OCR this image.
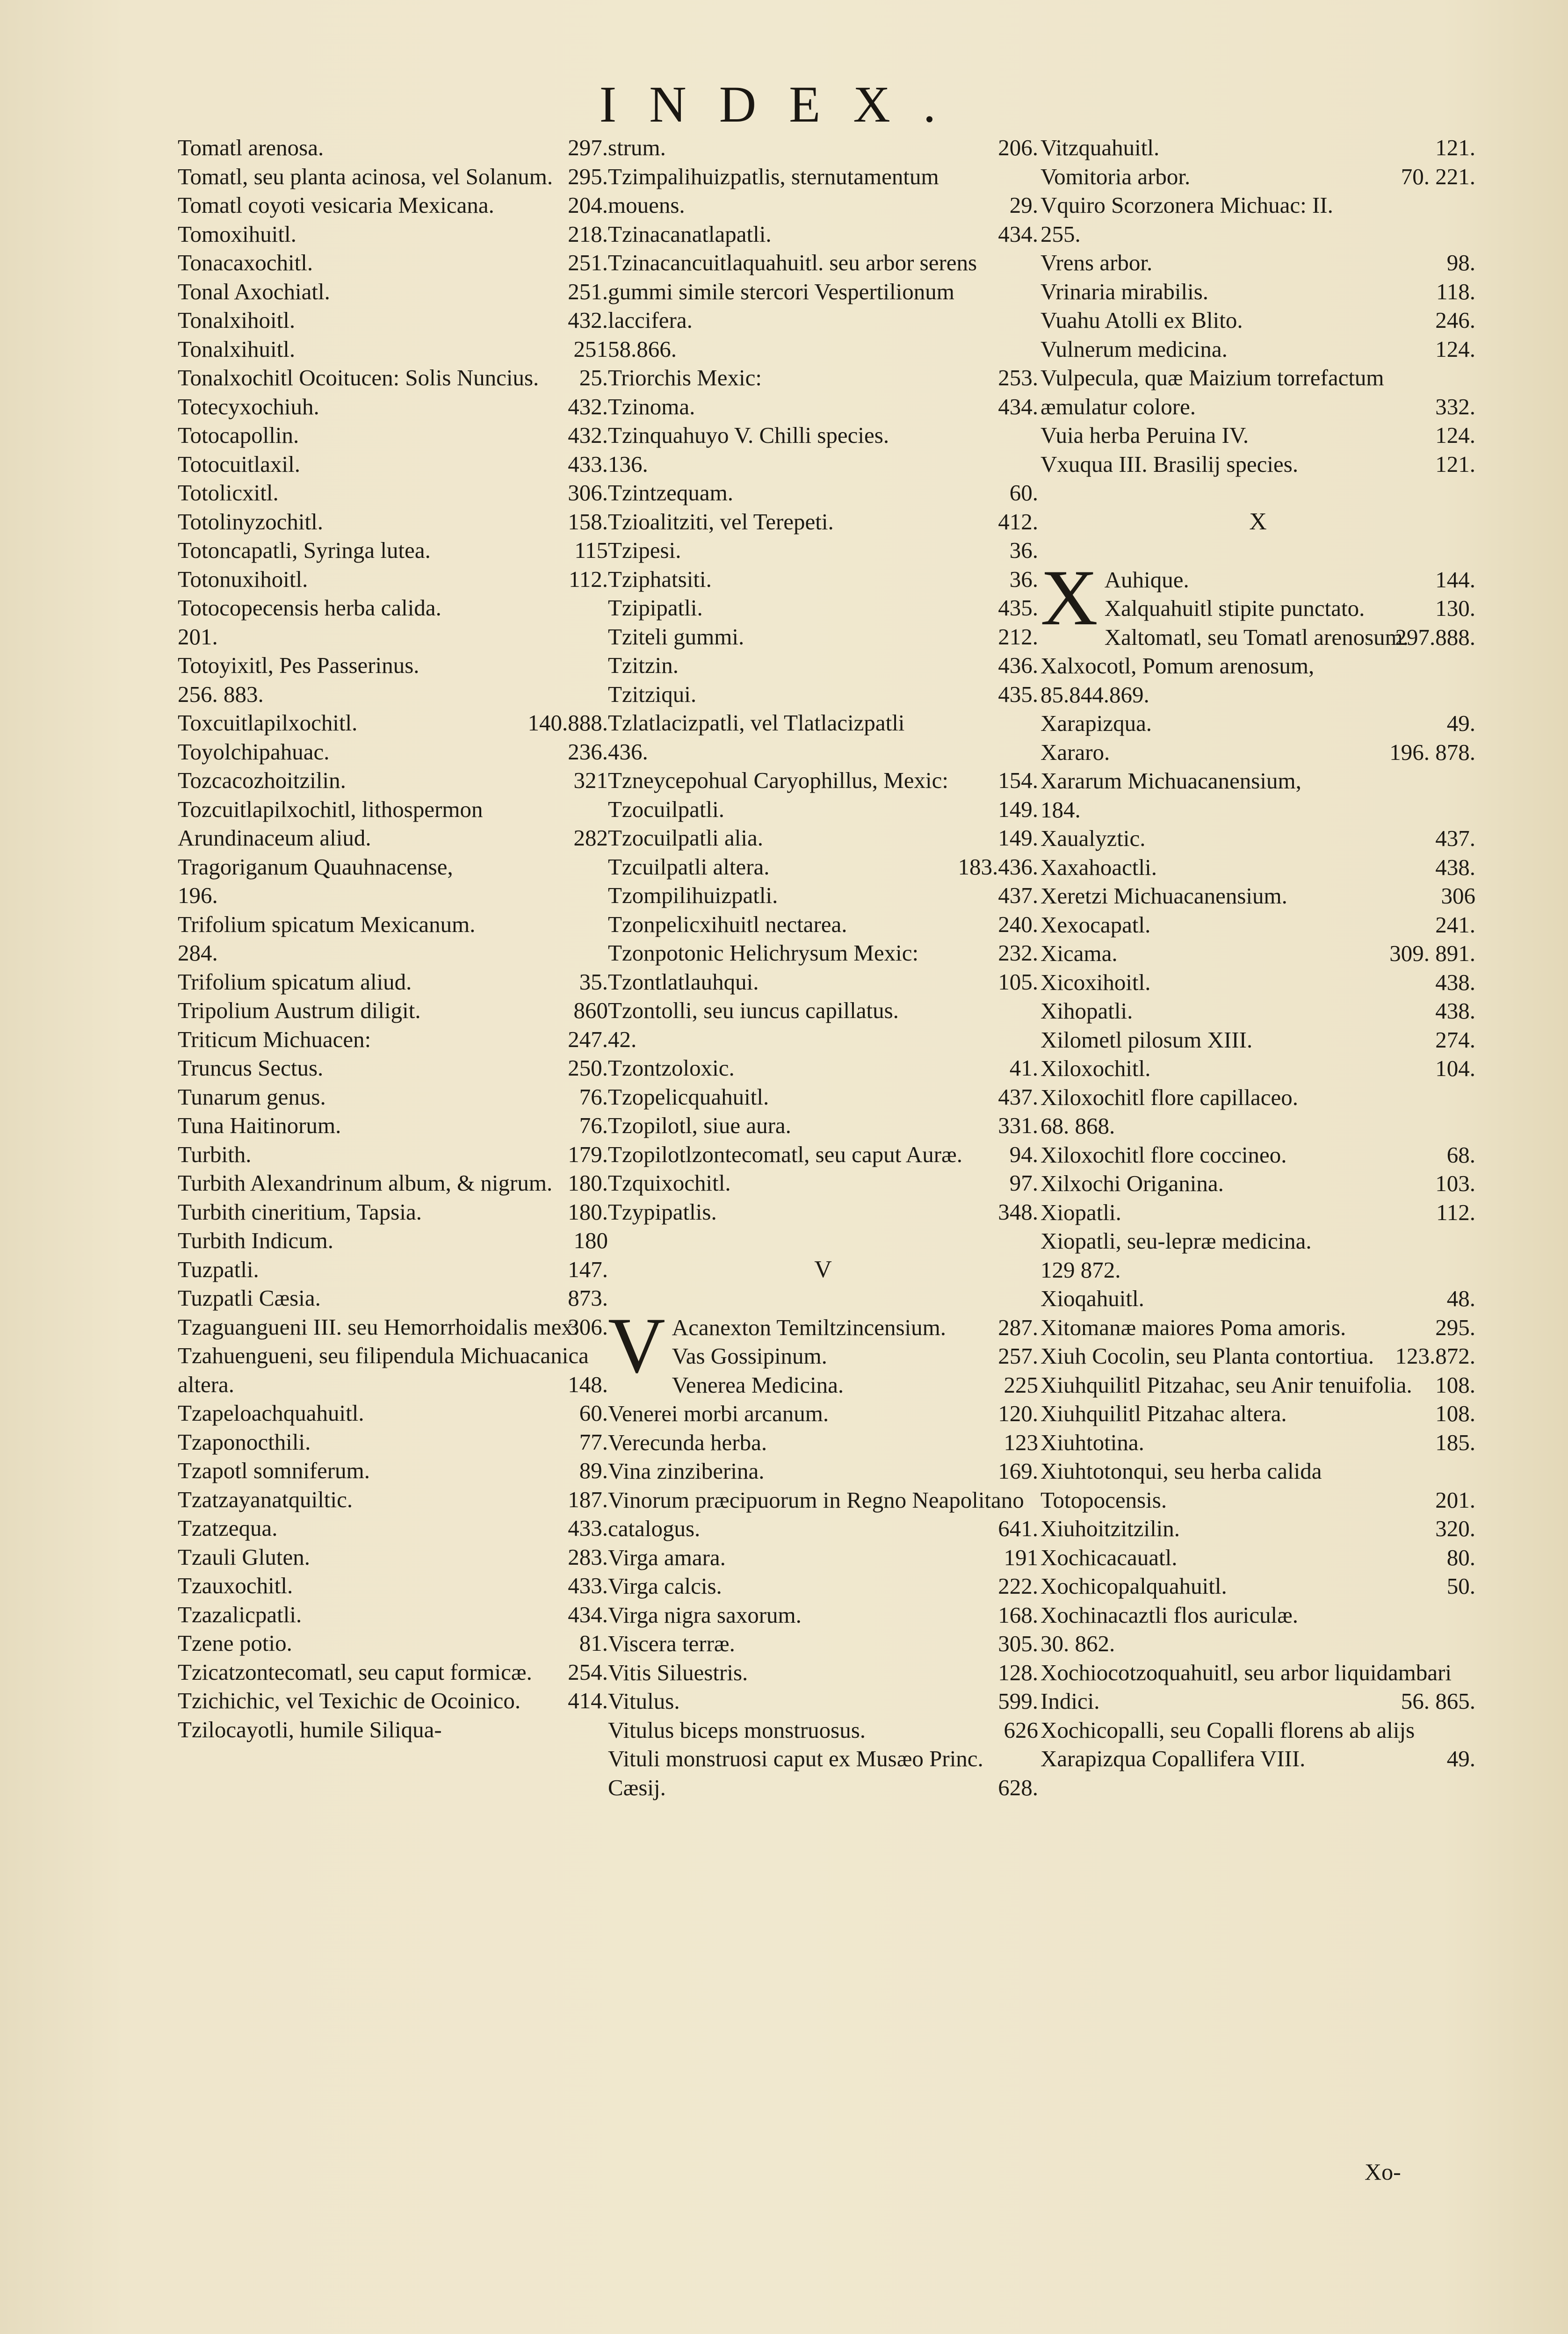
INDEX.
Tomatl arenosa.	297.
Tomatl, seu planta acinosa, vel Solanum. 295.
Tomatl coyoti vesicaria Mexicana.	204.
Tomoxihuitl.	218.
Tonacaxochitl.	251.
Tonal Axochiatl.	251.
Tonalxihoitl.	432.
Tonalxihuitl.	251
Tonalxochitl Ocoitucen: Solis Nuncius. 25.
Totecyxochiuh.	432.
Totocapollin.	432.
Totocuitlaxil.	433.
Totolicxitl.	306.
Totolinyzochitl.	158.
Totoncapatli, Syringa lutea.	115
Totonuxihoitl.	112.
Totocopecensis herba calida.
201.
Totoyixitl, Pes Passerinus.
256. 883.
Toxcuitlapilxochitl.	140.888.
Toyolchipahuac.	236.
Tozcacozhoitzilin.	321
Tozcuitlapilxochitl, lithospermon Arundinaceum aliud.	282
Tragoriganum Quauhnacense,
196.
Trifolium spicatum Mexicanum.
284.
Trifolium spicatum aliud.	35.
Tripolium Austrum diligit.	860
Triticum Michuacen:	247.
Truncus Sectus.	250.
Tunarum genus.	76.
Tuna Haitinorum.	76.
Turbith.	179.
Turbith Alexandrinum album, & nigrum. 180.
Turbith cineritium, Tapsia.	180.
Turbith Indicum.	180
Tuzpatli.	147.
Tuzpatli Cæsia.	873.
Tzaguangueni III. seu Hemorrhoidalis mex:
306.
Tzahuengueni, seu filipendula Michuacanica altera.	148.
Tzapeloachquahuitl.	60.
Tzaponocthili.	77.
Tzapotl somniferum.	89.
Tzatzayanatquiltic.	187.
Tzatzequa.	433.
Tzauli Gluten.	283.
Tzauxochitl.	433.
Tzazalicpatli.	434.
Tzene potio.	81.
Tzicatzontecomatl, seu caput formicæ. 254.
Tzichichic, vel Texichic de Ocoinico. 414.
Tzilocayotli, humile Siliqua-
strum.	206.
Tzimpalihuizpatlis, sternutamentum mouens.	29.
Tzinacanatlapatli.	434.
Tzinacancuitlaquahuitl. seu arbor serens gummi simile stercori Vespertilionum laccifera.
58.866.
Triorchis Mexic:	253.
Tzinoma.	434.
Tzinquahuyo V. Chilli species.
136.
Tzintzequam.	60.
Tzioalitziti, vel Terepeti.	412.
Tzipesi.	36.
Tziphatsiti.	36.
Tzipipatli.	435.
Tziteli gummi.	212.
Tzitzin.	436.
Tzitziqui.	435.
Tzlatlacizpatli, vel Tlatlacizpatli
436.
Tzneycepohual Caryophillus, Mexic: 154.
Tzocuilpatli.	149.
Tzocuilpatli alia.	149.
Tzcuilpatli altera.	183.436.
Tzompilihuizpatli.	437.
Tzonpelicxihuitl nectarea.	240.
Tzonpotonic Helichrysum Mexic:	232.
Tzontlatlauhqui.	105.
Tzontolli, seu iuncus capillatus.
42.
Tzontzoloxic.	41.
Tzopelicquahuitl.	437.
Tzopilotl, siue aura.	331.
Tzopilotlzontecomatl, seu caput Auræ. 94.
Tzquixochitl.	97.
Tzypipatlis.	348.
V
V Acanexton Temiltzincensium. 287.
Vas Gossipinum.	257.
Venerea Medicina.	225
Venerei morbi arcanum.	120.
Verecunda herba.	123
Vina zinziberina.	169.
Vinorum præcipuorum in Regno Neapolitano catalogus.	641.
Virga amara.	191
Virga calcis.	222.
Virga nigra saxorum.	168.
Viscera terræ.	305.
Vitis Siluestris.	128.
Vitulus.	599.
Vitulus biceps monstruosus.	626
Vituli monstruosi caput ex Musæo Princ. Cæsij.	628.
Vitzquahuitl.	121.
Vomitoria arbor.	70. 221.
Vquiro Scorzonera Michuac: II.
255.
Vrens arbor.	98.
Vrinaria mirabilis.	118.
Vuahu Atolli ex Blito.	246.
Vulnerum medicina.	124.
Vulpecula, quæ Maizium torrefactum æmulatur colore.	332.
Vuia herba Peruina IV.	124.
Vxuqua III. Brasilij species.	121.
X
X Auhique.	144.
Xalquahuitl stipite punctato.	130.
Xaltomatl, seu Tomatl arenosum.
297.888.
Xalxocotl, Pomum arenosum,
85.844.869.
Xarapizqua.	49.
Xararo.	196. 878.
Xararum Michuacanensium,
184.
Xaualyztic.	437.
Xaxahoactli.	438.
Xeretzi Michuacanensium.	306
Xexocapatl.	241.
Xicama.	309. 891.
Xicoxihoitl.	438.
Xihopatli.	438.
Xilometl pilosum XIII.	274.
Xiloxochitl.	104.
Xiloxochitl flore capillaceo.
68. 868.
Xiloxochitl flore coccineo.	68.
Xilxochi Origanina.	103.
Xiopatli.	112.
Xiopatli, seu-lepræ medicina.
129 872.
Xioqahuitl.	48.
Xitomanæ maiores Poma amoris.	295.
Xiuh Cocolin, seu Planta contortiua. 123.872.
Xiuhquilitl Pitzahac, seu Anir tenuifolia. 108.
Xiuhquilitl Pitzahac altera.	108.
Xiuhtotina.	185.
Xiuhtotonqui, seu herba calida Totopocensis.	201.
Xiuhoitzitzilin.	320.
Xochicacauatl.	80.
Xochicopalquahuitl.	50.
Xochinacaztli flos auriculæ.
30. 862.
Xochiocotzoquahuitl, seu arbor liquidambari Indici.	56. 865.
Xochicopalli, seu Copalli florens ab alijs Xarapizqua Copallifera VIII.	49.
Xo-
